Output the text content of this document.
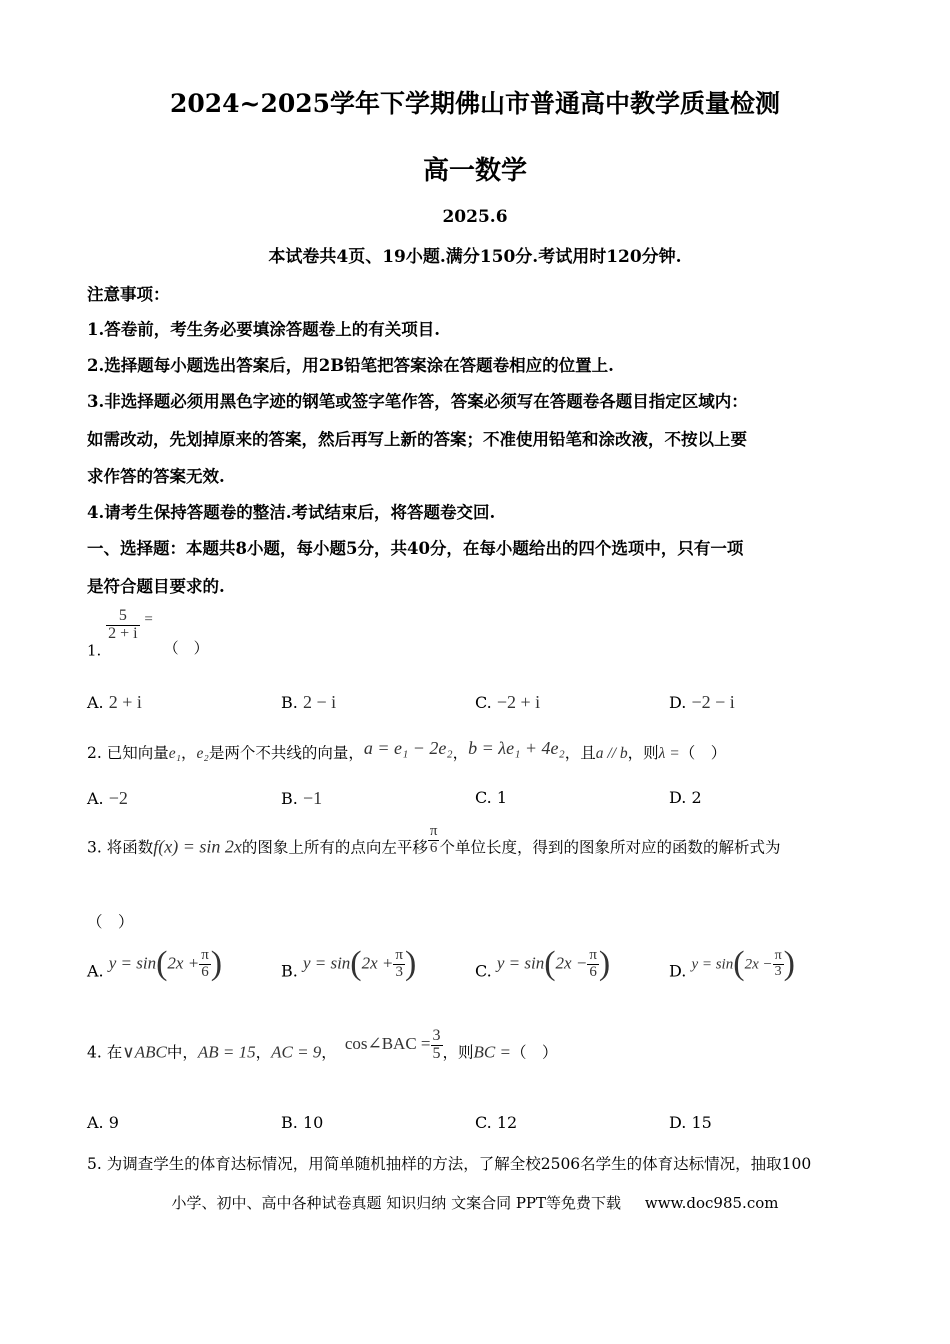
2024~2025学年下学期佛山市普通高中教学质量检测
高一数学
2025.6
本试卷共4页、19小题.满分150分.考试用时120分钟.
注意事项：
1.答卷前，考生务必要填涂答题卷上的有关项目.
2.选择题每小题选出答案后，用2B铅笔把答案涂在答题卷相应的位置上.
3.非选择题必须用黑色字迹的钢笔或签字笔作答，答案必须写在答题卷各题目指定区域内：
如需改动，先划掉原来的答案，然后再写上新的答案；不准使用铅笔和涂改液，不按以上要
求作答的答案无效.
4.请考生保持答题卷的整洁.考试结束后，将答题卷交回.
一、选择题：本题共8小题，每小题5分，共40分，在每小题给出的四个选项中，只有一项
是符合题目要求的.
1.
$\frac{5}{2 + i}$ = （　）
A. 2 + i	B. 2 − i	C. −2 + i	D. −2 − i
2. 已知向量e₁，e₂是两个不共线的向量，a = e₁ − 2e₂，b = λe₁ + 4e₂，且a // b，则λ =（　）
A. −2	B. −1	C. 1	D. 2
3. 将函数f(x) = sin 2x的图象上所有的点向左平移 $\frac{\pi}{6}$ 个单位长度，得到的图象所对应的函数的解析式为
（　）
A. $y = \sin(2x + \frac{\pi}{6}$ )	B. $y = \sin(2x + \frac{\pi}{3}$ )	C. $y = \sin(2x - \frac{\pi}{6}$ )	D. $y = \sin(2x - \frac{\pi}{3}$ )
4. 在∨ABC中，AB = 15，AC = 9， cos∠BAC = $\frac{3}{5}$ ，则BC =（　）
A. 9	B. 10	C. 12	D. 15
5. 为调查学生的体育达标情况，用简单随机抽样的方法，了解全校2506名学生的体育达标情况，抽取100
小学、初中、高中各种试卷真题 知识归纳 文案合同 PPT等免费下载 www.doc985.com
